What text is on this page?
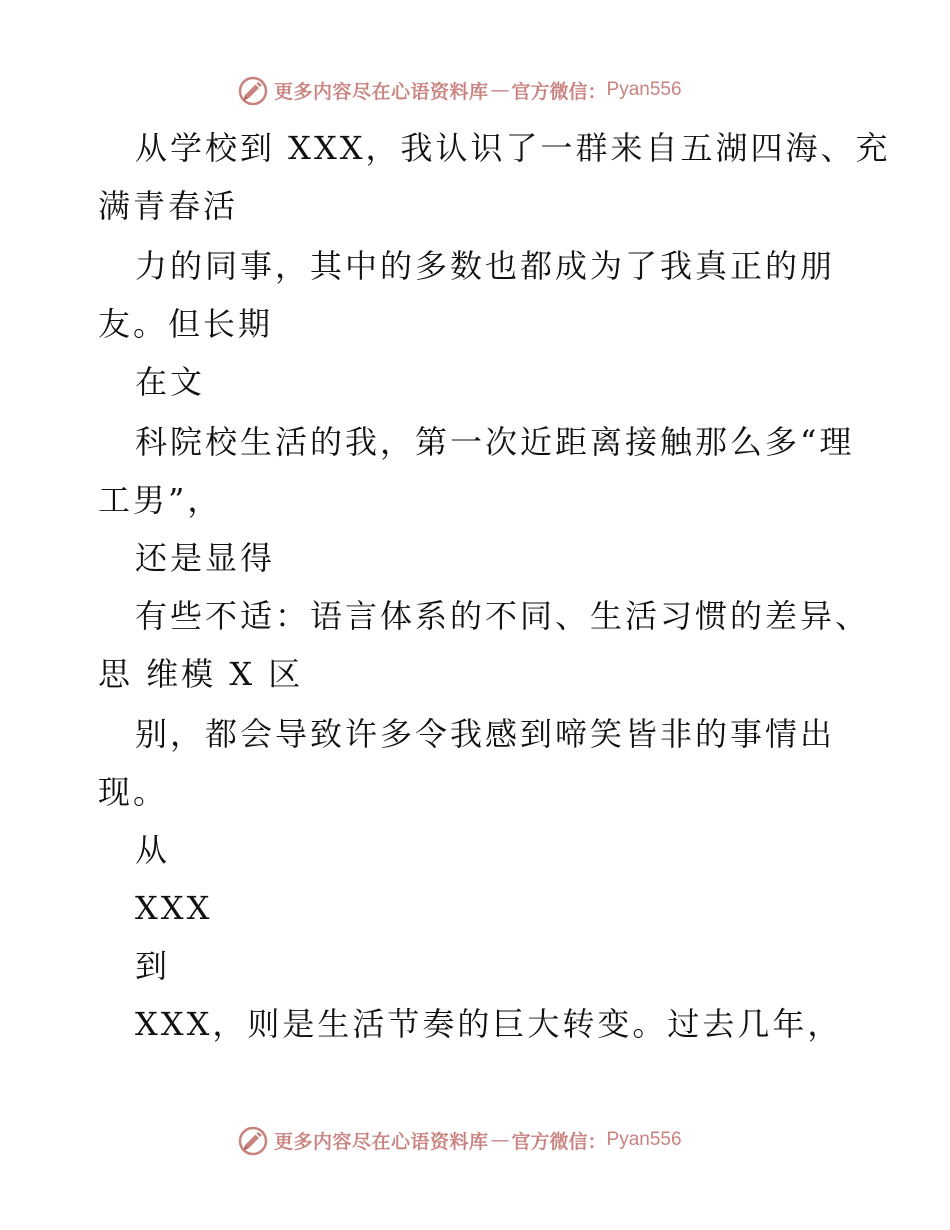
更多内容尽在心语资料库 — 官方微信： Pyan556
从学校到 XXX，我认识了一群来自五湖四海、充
满青春活
力的同事，其中的多数也都成为了我真正的朋
友。但长期
在文
科院校生活的我，第一次近距离接触那么多“理
工男”，
还是显得
有些不适：语言体系的不同、生活习惯的差异、
思 维模 X 区
别，都会导致许多令我感到啼笑皆非的事情出
现。
从
XXX
到
XXX，则是生活节奏的巨大转变。过去几年，
更多内容尽在心语资料库 — 官方微信： Pyan556
